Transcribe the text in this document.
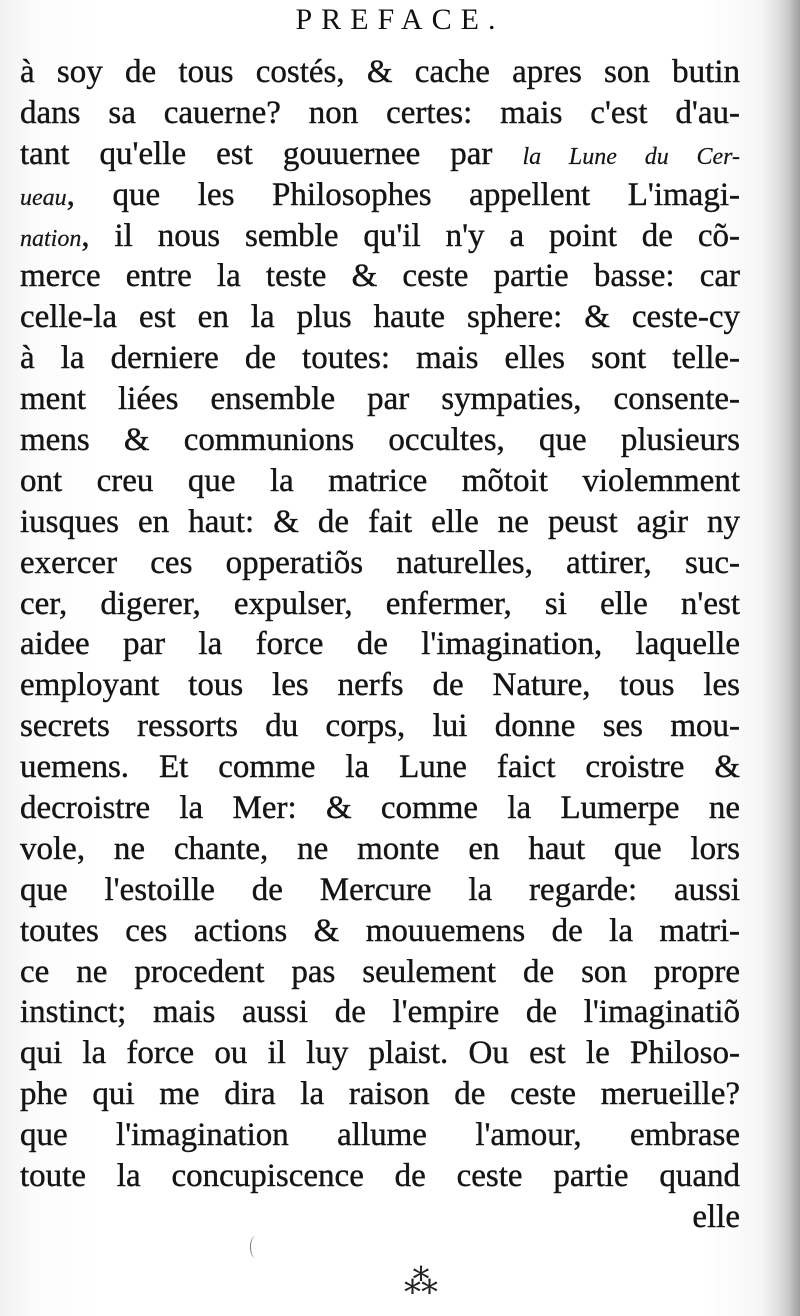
PREFACE.
à soy de tous costés, & cache apres son butin
dans sa cauerne? non certes: mais c'est d'au-
tant qu'elle est gouuernee par la Lune du Cer-
ueau, que les Philosophes appellent L'imagi-
nation, il nous semble qu'il n'y a point de cõ-
merce entre la teste & ceste partie basse: car
celle-la est en la plus haute sphere: & ceste-cy
à la derniere de toutes: mais elles sont telle-
ment liées ensemble par sympaties, consente-
mens & communions occultes, que plusieurs
ont creu que la matrice mõtoit violemment
iusques en haut: & de fait elle ne peust agir ny
exercer ces opperatiõs naturelles, attirer, suc-
cer, digerer, expulser, enfermer, si elle n'est
aidee par la force de l'imagination, laquelle
employant tous les nerfs de Nature, tous les
secrets ressorts du corps, lui donne ses mou-
uemens. Et comme la Lune faict croistre &
decroistre la Mer: & comme la Lumerpe ne
vole, ne chante, ne monte en haut que lors
que l'estoille de Mercure la regarde: aussi
toutes ces actions & mouuemens de la matri-
ce ne procedent pas seulement de son propre
instinct; mais aussi de l'empire de l'imaginatiõ
qui la force ou il luy plaist. Ou est le Philoso-
phe qui me dira la raison de ceste merueille?
que l'imagination allume l'amour, embrase
toute la concupiscence de ceste partie quand
elle
⁂
